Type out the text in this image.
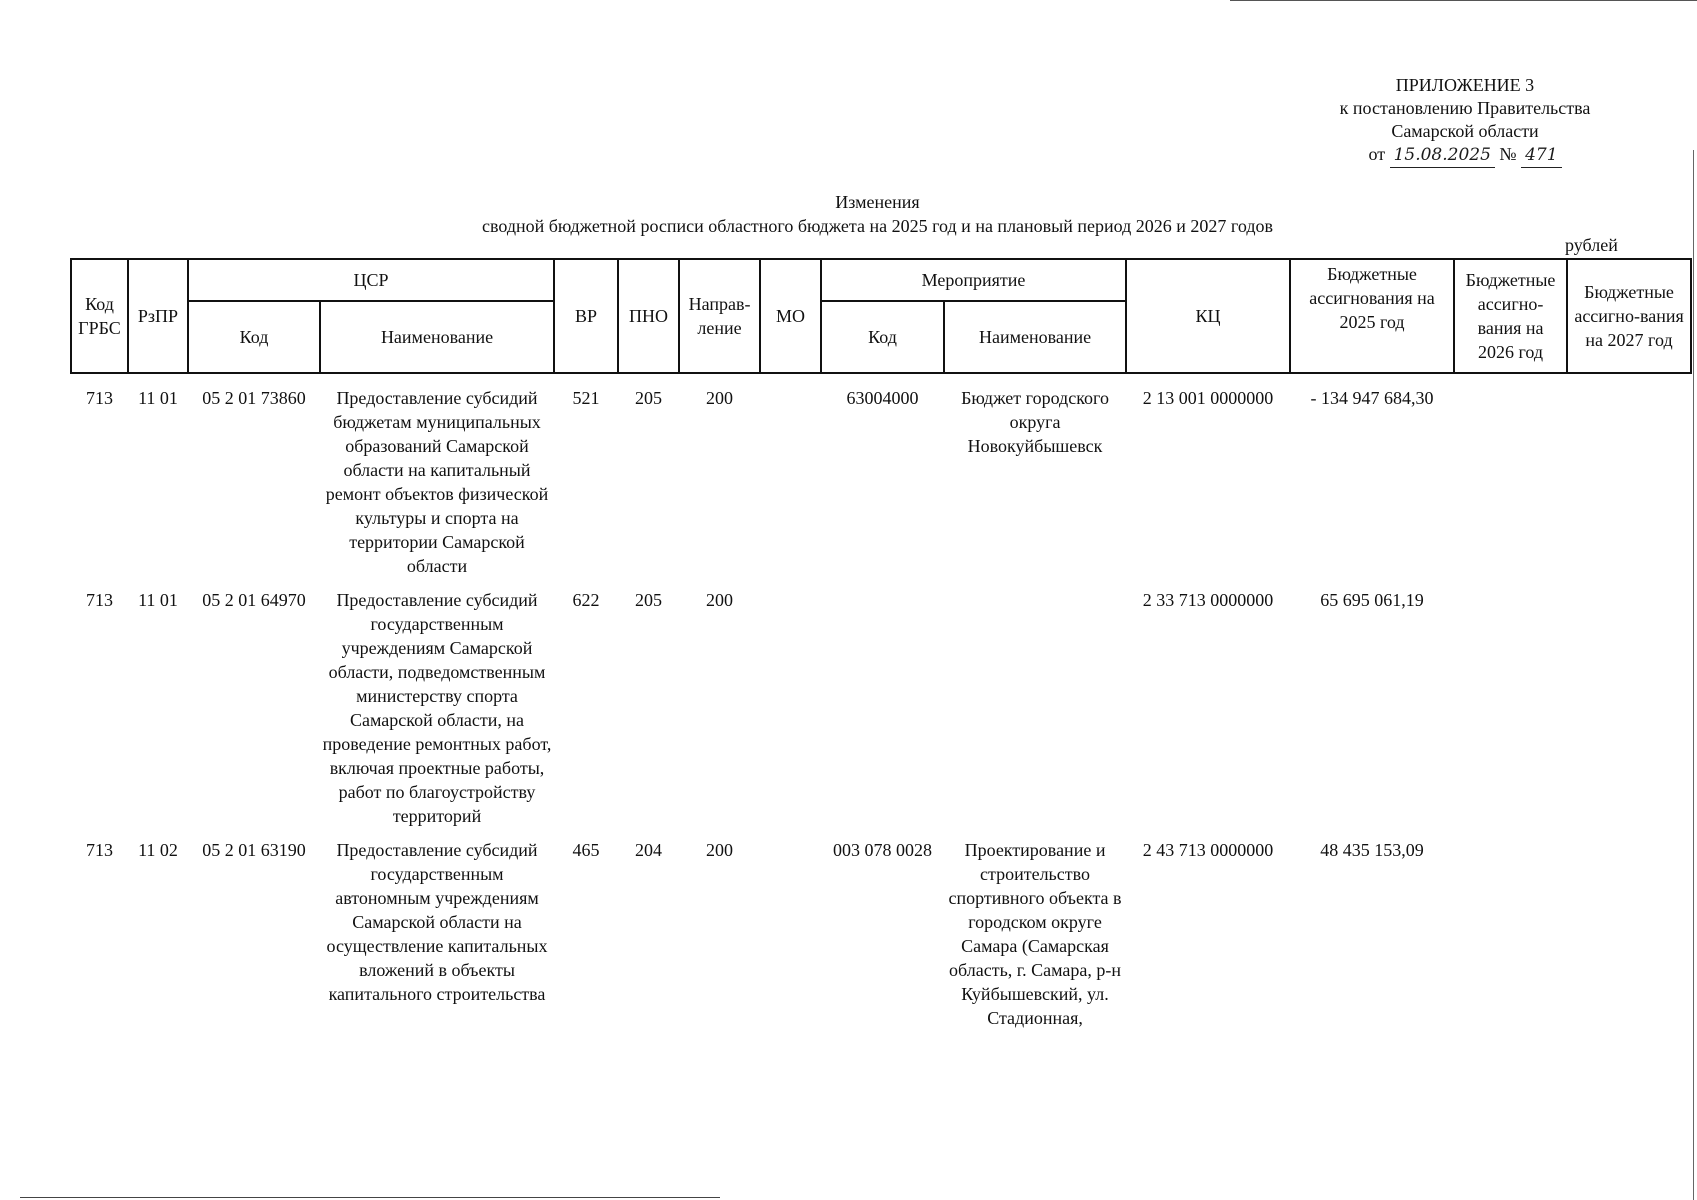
ПРИЛОЖЕНИЕ 3
к постановлению Правительства
Самарской области
от 15.08.2025 № 471
Изменения
сводной бюджетной росписи областного бюджета на 2025 год и на плановый период 2026 и 2027 годов
рублей
Код ГРБС	РзПР	ЦСР		ВР	ПНО	Направ-ление	МО	Мероприятие		КЦ	Бюджетные ассигнования на 2025 год	Бюджетные ассигно-вания на 2026 год	Бюджетные ассигно-вания на 2027 год
		Код	Наименование					Код	Наименование				
713	11 01	05 2 01 73860	Предоставление субсидий бюджетам муниципальных образований Самарской области на капитальный ремонт объектов физической культуры и спорта на территории Самарской области	521	205	200		63004000	Бюджет городского округа Новокуйбышевск	2 13 001 0000000	- 134 947 684,30		
713	11 01	05 2 01 64970	Предоставление субсидий государственным учреждениям Самарской области, подведомственным министерству спорта Самарской области, на проведение ремонтных работ, включая проектные работы, работ по благоустройству территорий	622	205	200				2 33 713 0000000	65 695 061,19		
713	11 02	05 2 01 63190	Предоставление субсидий государственным автономным учреждениям Самарской области на осуществление капитальных вложений в объекты капитального строительства	465	204	200		003 078 0028	Проектирование и строительство спортивного объекта в городском округе Самара (Самарская область, г. Самара, р-н Куйбышевский, ул. Стадионная,	2 43 713 0000000	48 435 153,09		
